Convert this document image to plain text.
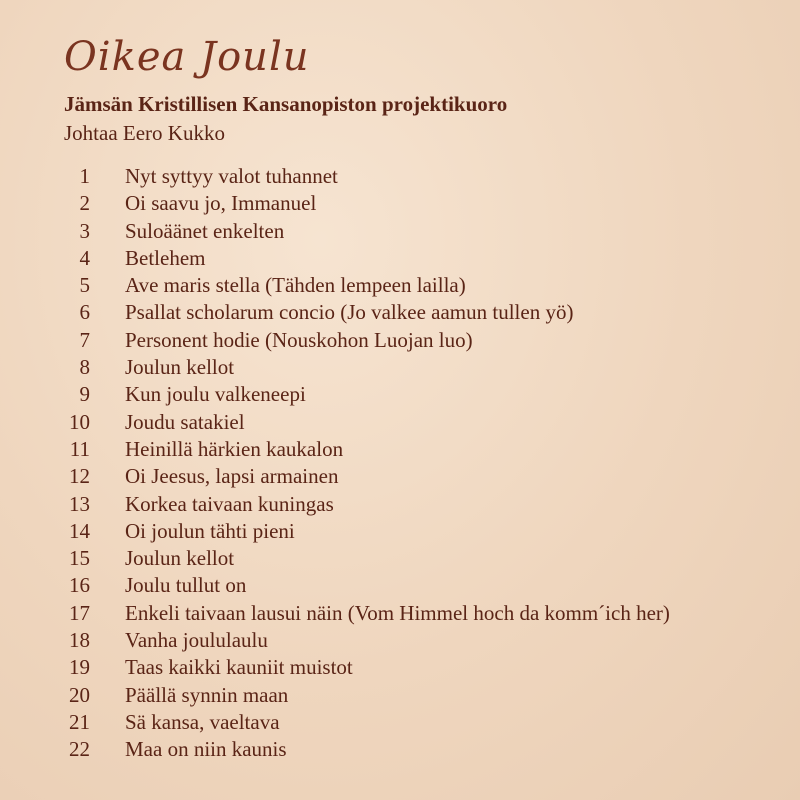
Oikea Joulu
Jämsän Kristillisen Kansanopiston projektikuoro
Johtaa Eero Kukko
1 Nyt syttyy valot tuhannet
2 Oi saavu jo, Immanuel
3 Suloäänet enkelten
4 Betlehem
5 Ave maris stella (Tähden lempeen lailla)
6 Psallat scholarum concio (Jo valkee aamun tullen yö)
7 Personent hodie (Nouskohon Luojan luo)
8 Joulun kellot
9 Kun joulu valkeneepi
10 Joudu satakiel
11 Heinillä härkien kaukalon
12 Oi Jeesus, lapsi armainen
13 Korkea taivaan kuningas
14 Oi joulun tähti pieni
15 Joulun kellot
16 Joulu tullut on
17 Enkeli taivaan lausui näin (Vom Himmel hoch da komm´ich her)
18 Vanha joululaulu
19 Taas kaikki kauniit muistot
20 Päällä synnin maan
21 Sä kansa, vaeltava
22 Maa on niin kaunis
